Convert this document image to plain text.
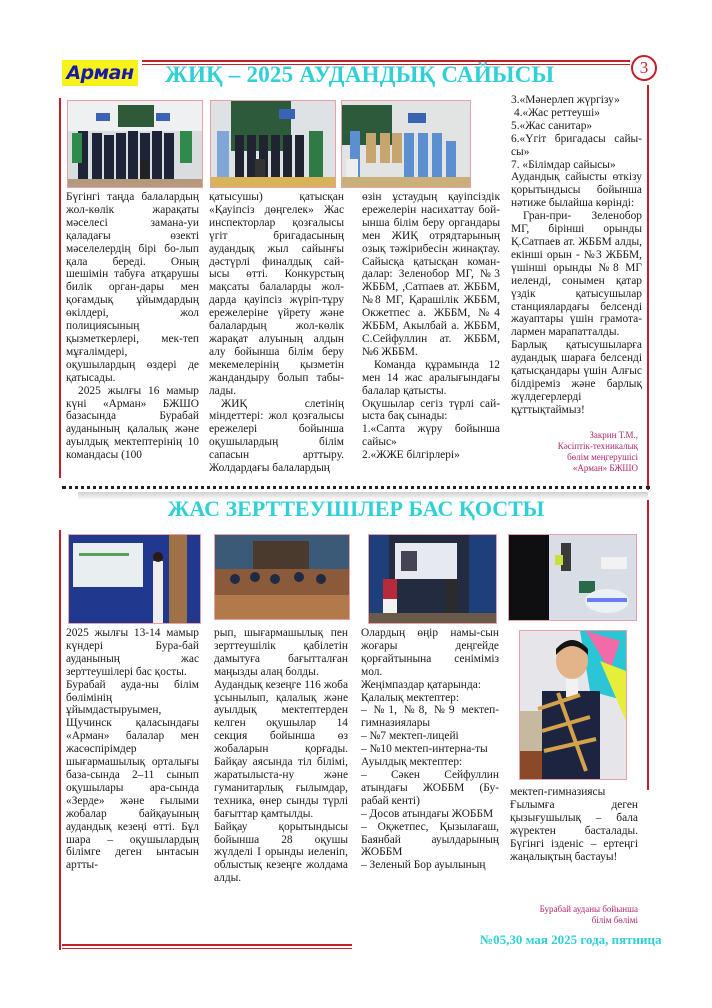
Арман ЖИҚ – 2025 АУДАНДЫҚ САЙЫСЫ	3

Бүгінгі таңда балалардың жол-көлік жарақаты мәселесі замана-уи қаладағы өзекті мәселелердің бірі бо-лып қала береді. Оның шешімін табуға атқарушы билік орган-дары мен қоғамдық ұйымдардың өкілдері, жол полициясының қызметкерлері, мек-теп мұғалімдері, оқушылардың өздері де қатысады.

2025 жылғы 16 мамыр күні «Арман» БЖШО базасында Бурабай ауданының қалалық және ауылдық мектептерінің 10 командасы (100

қатысушы) қатысқан «Қауіпсіз дөңгелек» Жас инспекторлар қозғалысы үгіт бригадасының аудандық жыл сайынғы дәстүрлі финалдық сай-ысы өтті. Конкурстың мақсаты балаларды жол-дарда қауіпсіз жүріп-тұру ережелеріне үйрету және балалардың жол-көлік жарақат алуының алдын алу бойынша білім беру мекемелерінің қызметін жандандыру болып табы-лады.

ЖИҚ слетінің міндеттері: жол қозғалысы ережелері бойынша оқушылардың білім сапасын арттыру. Жолдардағы балалардың

өзін ұстаудың қауіпсіздік ережелерін насихаттау бой-ынша білім беру органдары мен ЖИҚ отрядтарының озық тәжірибесін жинақтау. Сайысқа қатысқан коман-далар: Зеленобор МГ, №3 ЖББМ, ,Сатпаев ат. ЖББМ, №8 МГ, Қарашілік ЖББМ, Окжетпес а. ЖББМ, №4 ЖББМ, Акылбай а. ЖББМ, С.Сейфуллин ат. ЖББМ, №6 ЖББМ.

Команда құрамында 12 мен 14 жас аралығындағы балалар қатысты.

Оқушылар сегіз түрлі сай-ыста бақ сынады:

1.«Сапта жүру бойынша сайыс»

2.«ЖЖЕ білгірлері»

3.«Мәнерлеп жүргізу»

4.«Жас реттеуші»

5.«Жас санитар»

6.«Үгіт бригадасы сайы-сы»

7. «Білімдар сайысы»

Аудандық сайысты өткізу қорытындысы бойынша нәтиже былайша көрінді:

Гран-при- Зеленобор МГ, бірінші орынды Қ.Сатпаев ат. ЖББМ алды, екінші орын - №3 ЖББМ, үшінші орынды №8 МГ иеленді, сонымен қатар үздік қатысушылар станциялардағы белсенді жауаптары үшін грамота-лармен марапатталды.

Барлық қатысушыларға аудандық шараға белсенді қатысқандары үшін Алғыс білдіреміз және барлық жүлдегерлерді құттықтаймыз!

Закрин Т.М.,
Кәсіптік-техникалық
бөлім меңгерушісі
«Арман» БЖШО
ЖАС ЗЕРТТЕУШІЛЕР БАС ҚОСТЫ

2025 жылғы 13-14 мамыр күндері Бура-бай ауданының жас зерттеушілері бас қосты.

Бурабай ауда-ны білім бөлімінің ұйымдастыруымен, Щучинск қаласындағы «Арман» балалар мен жасөспірімдер шығармашылық орталығы база-сында 2–11 сынып оқушылары ара-сында «Зерде» және ғылыми жобалар байқауының аудандық кезеңі өтті. Бұл шара – оқушылардың білімге деген ынтасын артты-

рып, шығармашылық пен зерттеушілік қабілетін дамытуға бағытталған маңызды алаң болды.

Аудандық кезеңге 116 жоба ұсынылып, қалалық және ауылдық мектептерден келген оқушылар 14 секция бойынша өз жобаларын қорғады. Байқау аясында тіл білімі, жаратылыста-ну және гуманитарлық ғылымдар, техника, өнер сынды түрлі бағыттар қамтылды.

Байқау қорытындысы бойынша 28 оқушы жүлделі І орынды иеленіп, облыстық кезеңге жолдама алды.

Олардың өңір намы-сын жоғары деңгейде қорғайтынына сеніміміз мол.

Жеңімпаздар қатарында:

Қалалық мектептер:

– №1, №8, №9 мектеп-гимназиялары

– №7 мектеп-лицейі

– №10 мектеп-интерна-ты

Ауылдық мектептер:

– Сәкен Сейфуллин атындағы ЖОББМ (Бу-рабай кенті)

– Досов атындағы ЖОББМ

– Оқжетпес, Қызылағаш, Баянбай ауылдарының ЖОББМ

– Зеленый Бор ауылының

мектеп-гимназиясы

Ғылымға деген қызығушылық – бала жүректен басталады. Бүгінгі ізденіс – ертеңгі жаңалықтың бастауы!

Бурабай ауданы бойынша
білім бөлімі
№05,30 мая 2025 года, пятница
